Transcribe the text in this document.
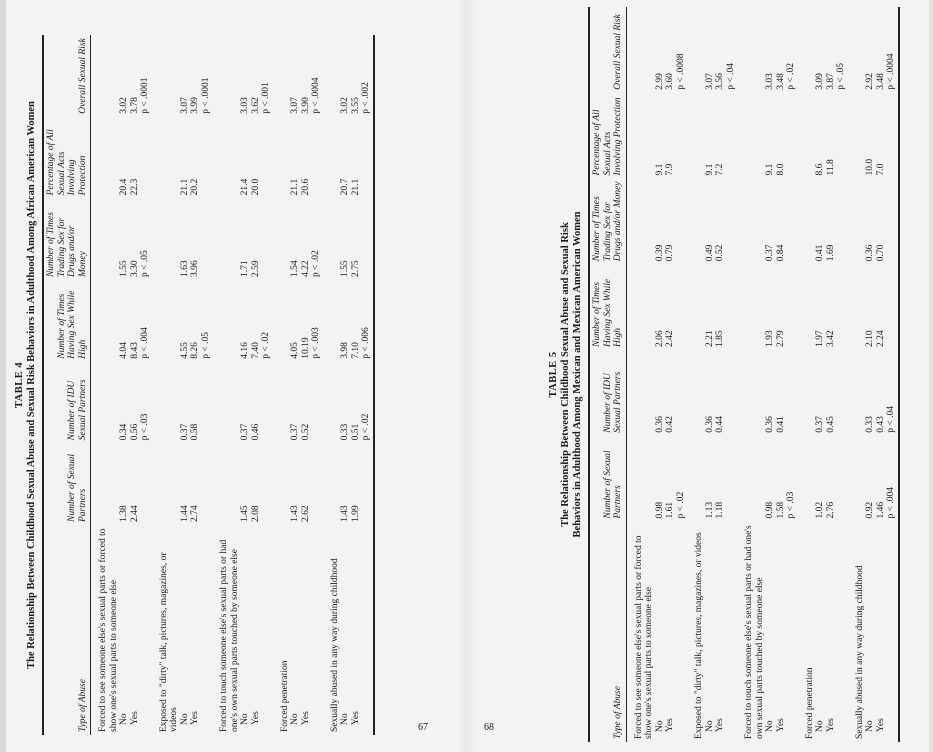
TABLE 4 The Relationship Between Childhood Sexual Abuse and Sexual Risk Behaviors in Adulthood Among African American Women
Type of Abuse	Number of Sexual Partners	Number of IDU Sexual Partners	Number of Times Having Sex While High	Number of Times Trading Sex for Drugs and/or Money	Percentage of All Sexual Acts Involving Protection	Overall Sexual Risk
Forced to see someone else's sexual parts or forced to show one's sexual parts to someone else						
No	1.38	0.34	4.04	1.55	20.4	3.02
Yes	2.44	0.56	8.43	3.30	22.3	3.78
		p < .03	p < .004	p < .05		p < .0001
Exposed to "dirty" talk, pictures, magazines, or videos						
No	1.44	0.37	4.55	1.63	21.1	3.07
Yes	2.74	0.58	8.26	3.96	20.2	3.99
			p < .05			p < .0001
Forced to touch someone else's sexual parts or had one's own sexual parts touched by someone else						
No	1.45	0.37	4.16	1.71	21.4	3.03
Yes	2.08	0.46	7.40	2.59	20.0	3.62
			p < .02			p < .001
Forced penetration						
No	1.43	0.37	4.05	1.54	21.1	3.07
Yes	2.62	0.52	10.19	4.22	20.6	3.90
			p < .003	p < .02		p < .0004
Sexually abused in any way during childhood						
No	1.43	0.33	3.98	1.55	20.7	3.02
Yes	1.99	0.51	7.10	2.75	21.1	3.55
		p < .02	p < .006			p < .002
TABLE 5 The Relationship Between Childhood Sexual Abuse and Sexual Risk Behaviors in Adulthood Among Mexican and Mexican American Women
Type of Abuse	Number of Sexual Partners	Number of IDU Sexual Partners	Number of Times Having Sex While High	Number of Times Trading Sex for Drugs and/or Money	Percentage of All Sexual Acts Involving Protection	Overall Sexual Risk
Forced to see someone else's sexual parts or forced to show one's sexual parts to someone else						
No	0.98	0.36	2.06	0.39	9.1	2.99
Yes	1.61	0.42	2.42	0.79	7.9	3.60
	p < .02					p < .0008
Exposed to "dirty" talk, pictures, magazines, or videos						
No	1.13	0.36	2.21	0.49	9.1	3.07
Yes	1.18	0.44	1.85	0.52	7.2	3.56
						p < .04
Forced to touch someone else's sexual parts or had one's own sexual parts touched by someone else						
No	0.98	0.36	1.93	0.37	9.1	3.03
Yes	1.58	0.41	2.79	0.84	8.0	3.48
	p < .03					p < .02
Forced penetration						
No	1.02	0.37	1.97	0.41	8.6	3.09
Yes	2.76	0.45	3.42	1.69	11.8	3.87
						p < .05
Sexually abused in any way during childhood						
No	0.92	0.33	2.10	0.36	10.0	2.92
Yes	1.46	0.43	2.24	0.70	7.0	3.48
	p < .004	p < .04				p < .0004
67	68
